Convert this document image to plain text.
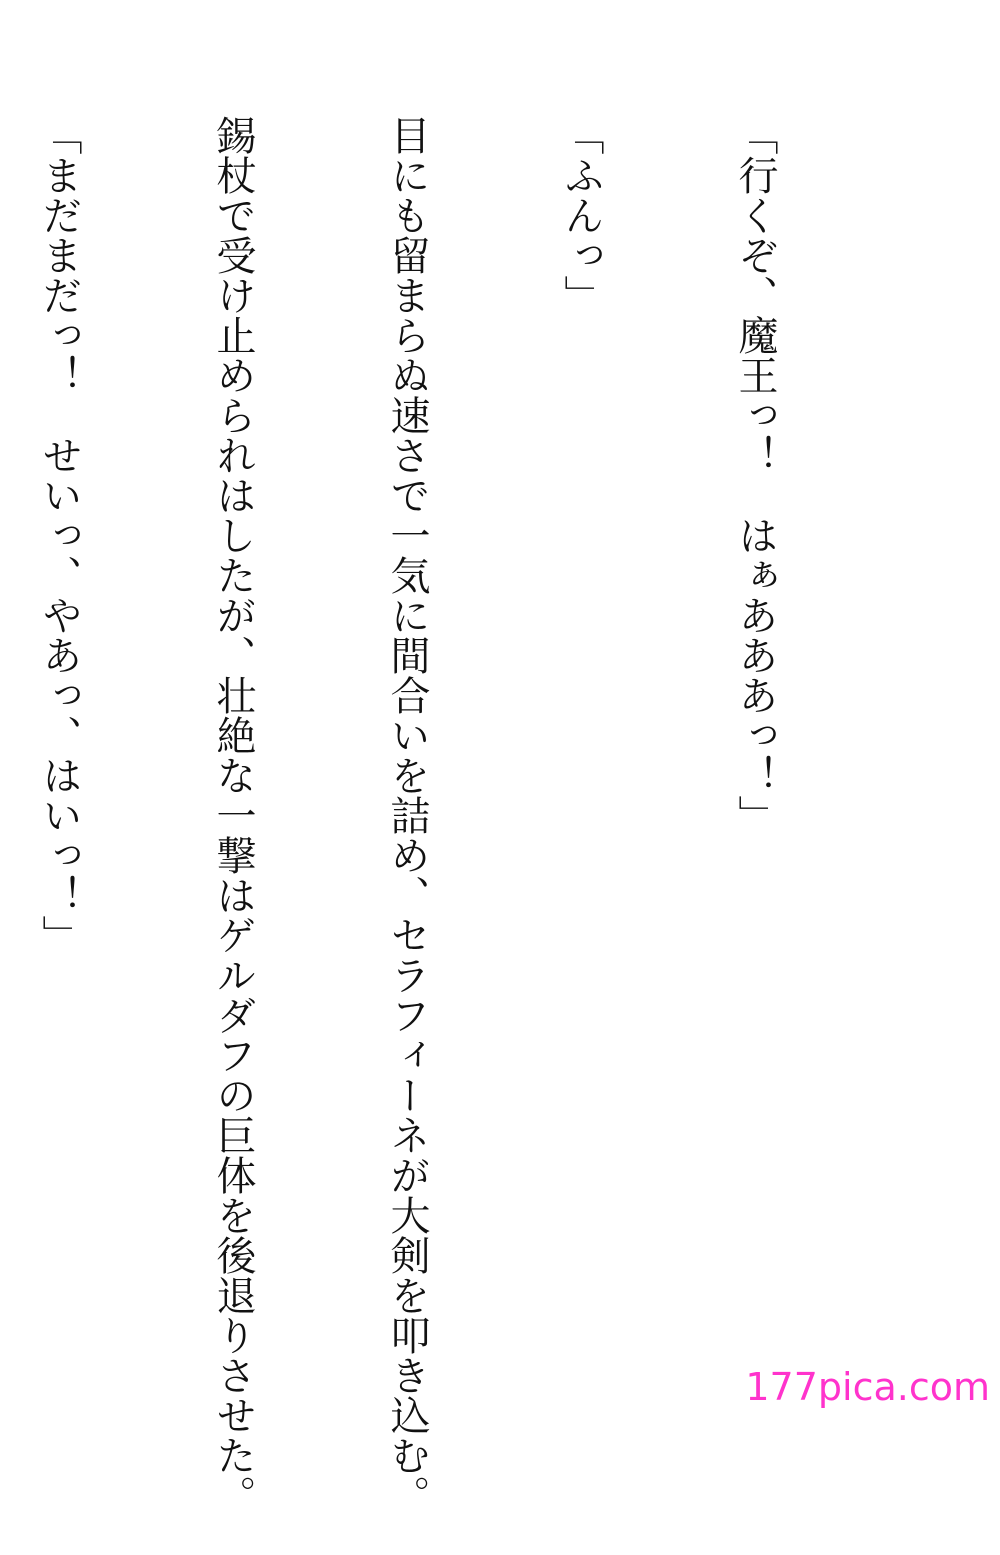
「行くぞ、魔王っ！　はぁあああっ！」

「ふんっ」

目にも留まらぬ速さで一気に間合いを詰め、セラフィーネが大剣を叩き込む。

錫杖で受け止められはしたが、壮絶な一撃はゲルダフの巨体を後退りさせた。

「まだまだっ！　せいっ、やあっ、はいっ！」

177pica.com
